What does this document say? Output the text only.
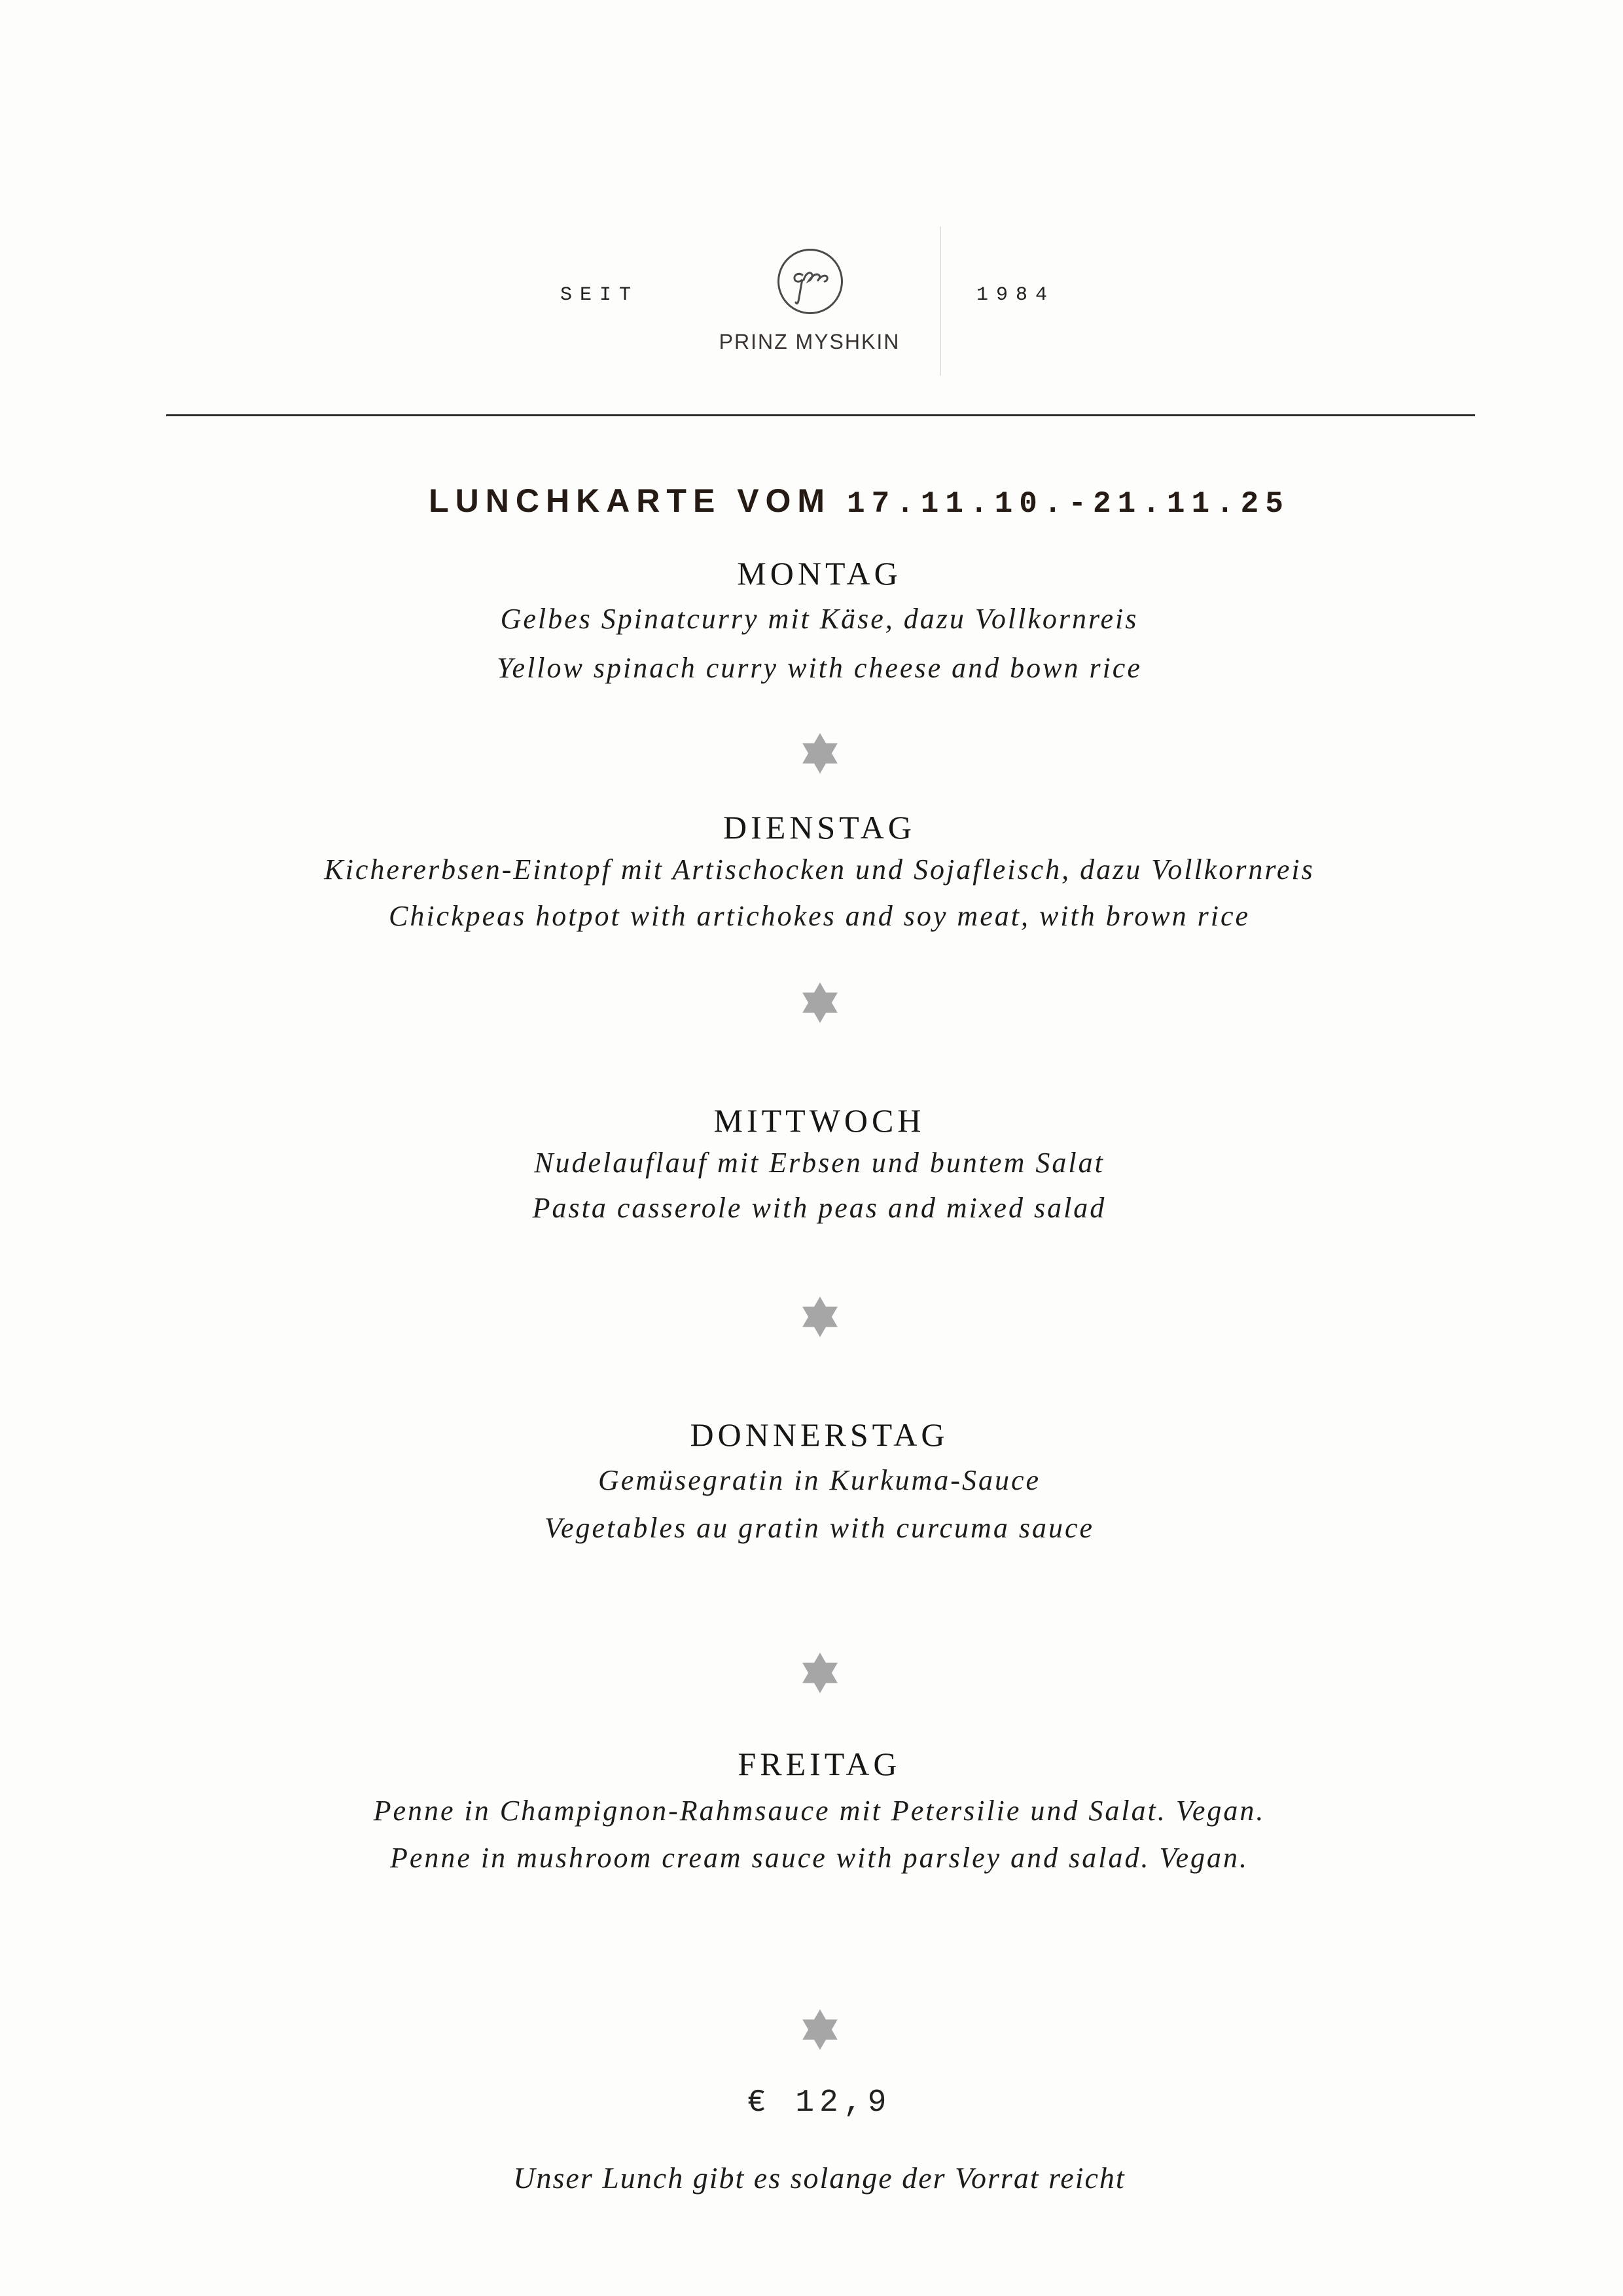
SEIT	1984
PRINZ MYSHKIN
LUNCHKARTE VOM 17.11.10.-21.11.25
MONTAG

Gelbes Spinatcurry mit Käse, dazu Vollkornreis

Yellow spinach curry with cheese and bown rice

DIENSTAG

Kichererbsen-Eintopf mit Artischocken und Sojafleisch, dazu Vollkornreis

Chickpeas hotpot with artichokes and soy meat, with brown rice

MITTWOCH

Nudelauflauf mit Erbsen und buntem Salat

Pasta casserole with peas and mixed salad

DONNERSTAG

Gemüsegratin in Kurkuma-Sauce

Vegetables au gratin with curcuma sauce

FREITAG

Penne in Champignon-Rahmsauce mit Petersilie und Salat. Vegan.

Penne in mushroom cream sauce with parsley and salad. Vegan.

€ 12,9
Unser Lunch gibt es solange der Vorrat reicht
